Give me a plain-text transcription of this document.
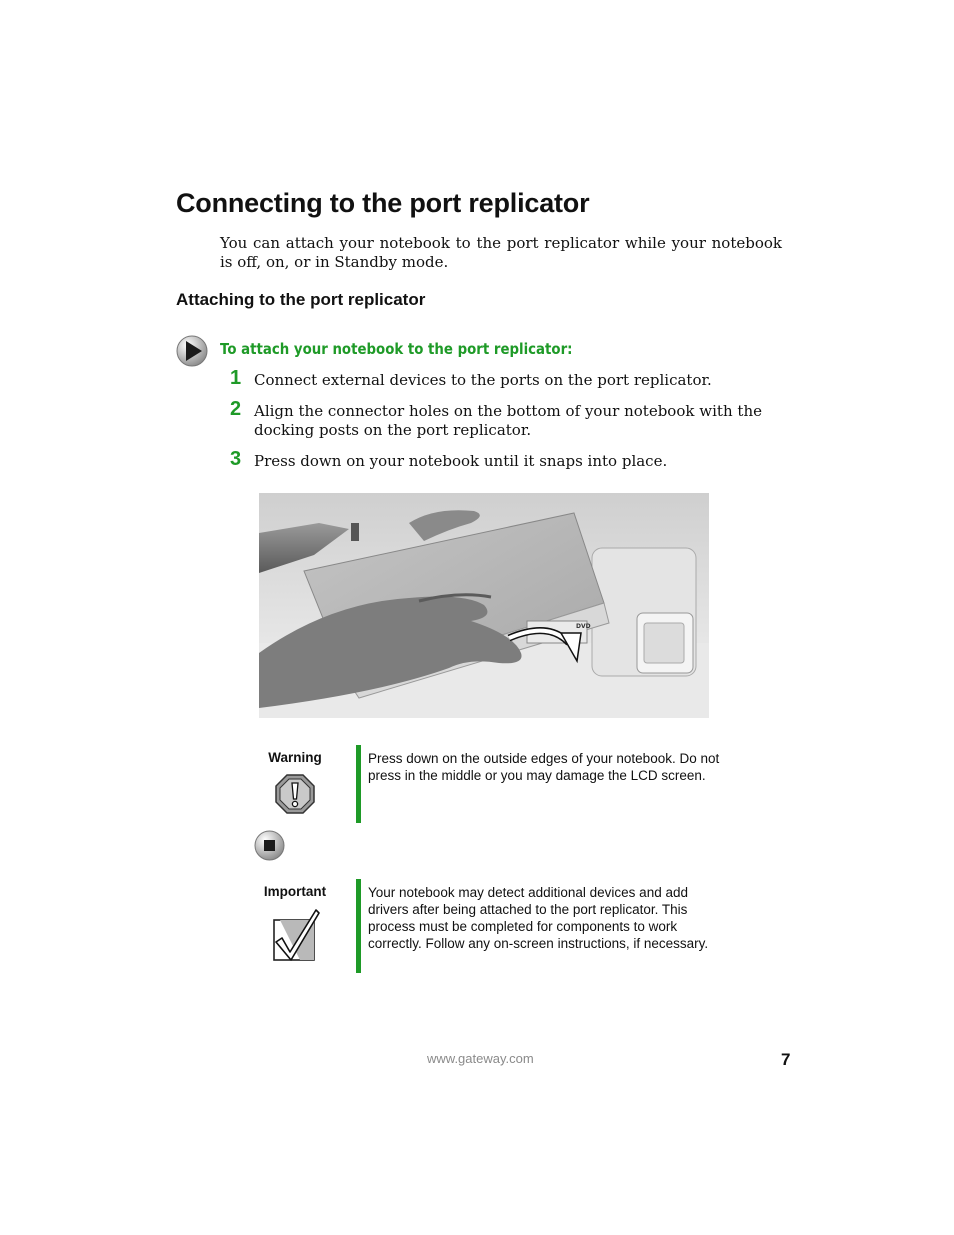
Connecting to the port replicator

You can attach your notebook to the port replicator while your notebook is off, on, or in Standby mode.

Attaching to the port replicator
To attach your notebook to the port replicator:
1 Connect external devices to the ports on the port replicator.
2 Align the connector holes on the bottom of your notebook with the docking posts on the port replicator.
3 Press down on your notebook until it snaps into place.
DVD
Warning	Press down on the outside edges of your notebook. Do not press in the middle or you may damage the LCD screen.
Important	Your notebook may detect additional devices and add drivers after being attached to the port replicator. This process must be completed for components to work correctly. Follow any on-screen instructions, if necessary.
www.gateway.com	7
